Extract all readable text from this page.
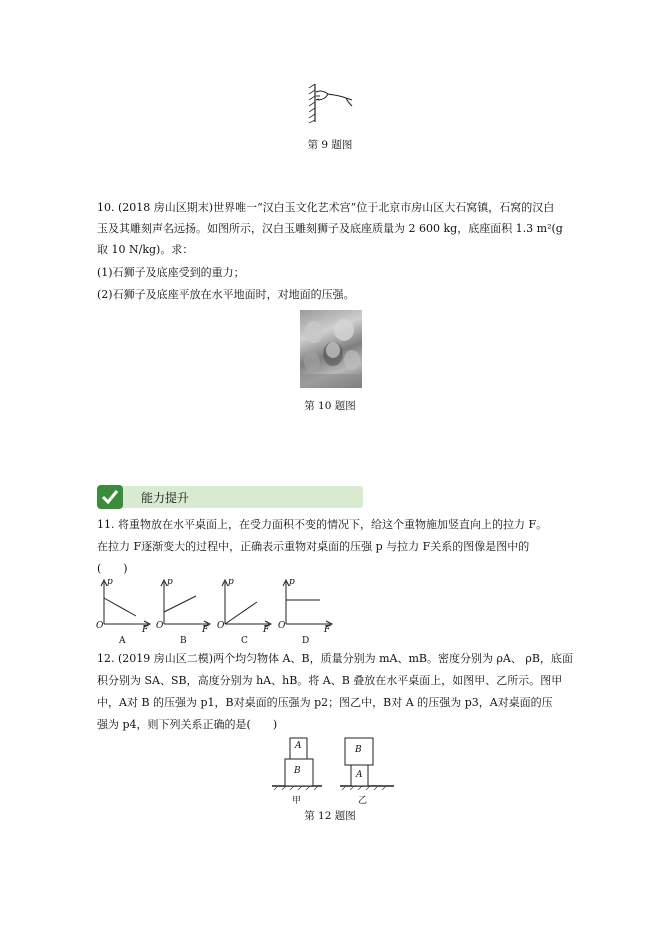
第 9 题图
10. (2018 房山区期末)世界唯一“汉白玉文化艺术宫”位于北京市房山区大石窝镇，石窝的汉白
玉及其雕刻声名远扬。如图所示，汉白玉雕刻狮子及底座质量为 2 600 kg，底座面积 1.3 m²(g
取 10 N/kg)。求：
(1)石狮子及底座受到的重力；
(2)石狮子及底座平放在水平地面时，对地面的压强。
第 10 题图
能力提升
11. 将重物放在水平桌面上，在受力面积不变的情况下，给这个重物施加竖直向上的拉力 F。
在拉力 F逐渐变大的过程中，正确表示重物对桌面的压强 p 与拉力 F关系的图像是图中的
(　　)
p
O	F
p
O	F
p
O	F
p
O	F
A	B	C	D
12. (2019 房山区二模)两个均匀物体 A、B，质量分别为 mA、mB。密度分别为 ρA、 ρB，底面
积分别为 SA、SB，高度分别为 hA、hB。将 A、B 叠放在水平桌面上，如图甲、乙所示。图甲
中，A对 B 的压强为 p1，B对桌面的压强为 p2；图乙中，B对 A 的压强为 p3，A对桌面的压
强为 p4，则下列关系正确的是(　　)
A
B
B
A
甲	乙
第 12 题图
